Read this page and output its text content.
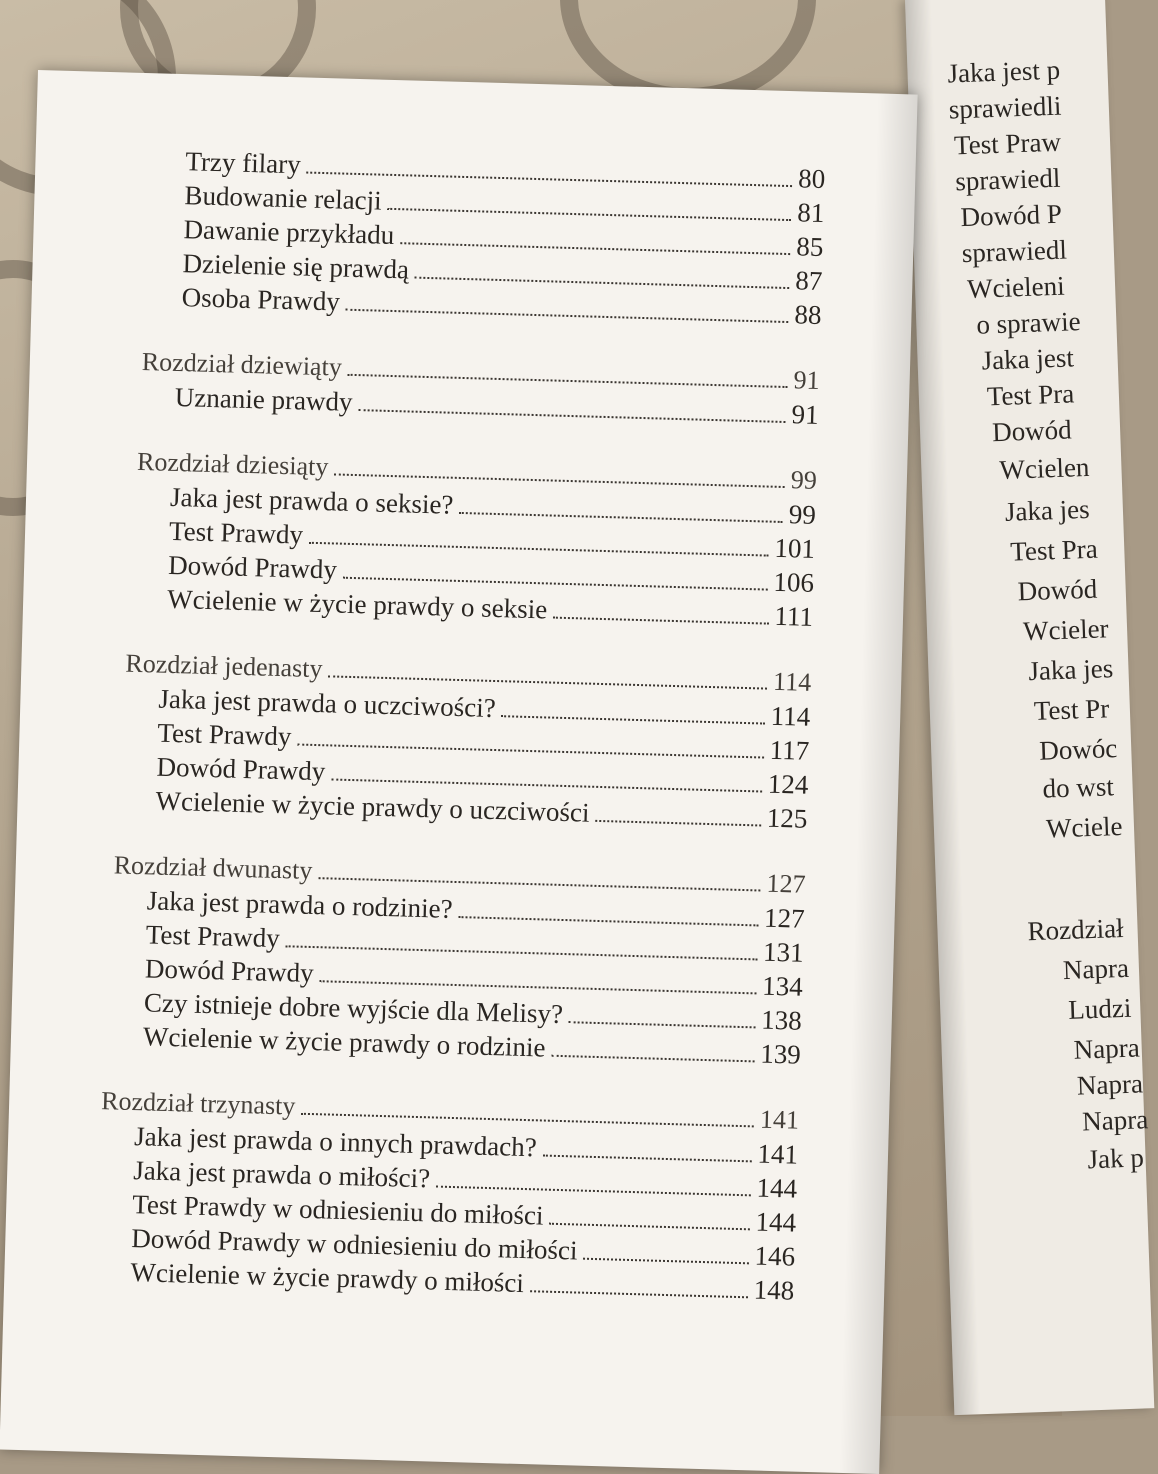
Jaka jest p
sprawiedli
Test Praw
sprawiedl
Dowód P
sprawiedl
Wcieleni
o sprawie
Jaka jest
Test Pra
Dowód
Wcielen
Jaka jes
Test Pra
Dowód
Wcieler
Jaka jes
Test Pr
Dowóc
do wst
Wciele
Rozdział
Napra
Ludzi
Napra
Napra
Napra
Jak p
Trzy filary	80
Budowanie relacji	81
Dawanie przykładu	85
Dzielenie się prawdą	87
Osoba Prawdy	88
Rozdział dziewiąty	91
Uznanie prawdy	91
Rozdział dziesiąty	99
Jaka jest prawda o seksie?	99
Test Prawdy	101
Dowód Prawdy	106
Wcielenie w życie prawdy o seksie	111
Rozdział jedenasty	114
Jaka jest prawda o uczciwości?	114
Test Prawdy	117
Dowód Prawdy	124
Wcielenie w życie prawdy o uczciwości	125
Rozdział dwunasty	127
Jaka jest prawda o rodzinie?	127
Test Prawdy	131
Dowód Prawdy	134
Czy istnieje dobre wyjście dla Melisy?	138
Wcielenie w życie prawdy o rodzinie	139
Rozdział trzynasty	141
Jaka jest prawda o innych prawdach?	141
Jaka jest prawda o miłości?	144
Test Prawdy w odniesieniu do miłości	144
Dowód Prawdy w odniesieniu do miłości	146
Wcielenie w życie prawdy o miłości	148
